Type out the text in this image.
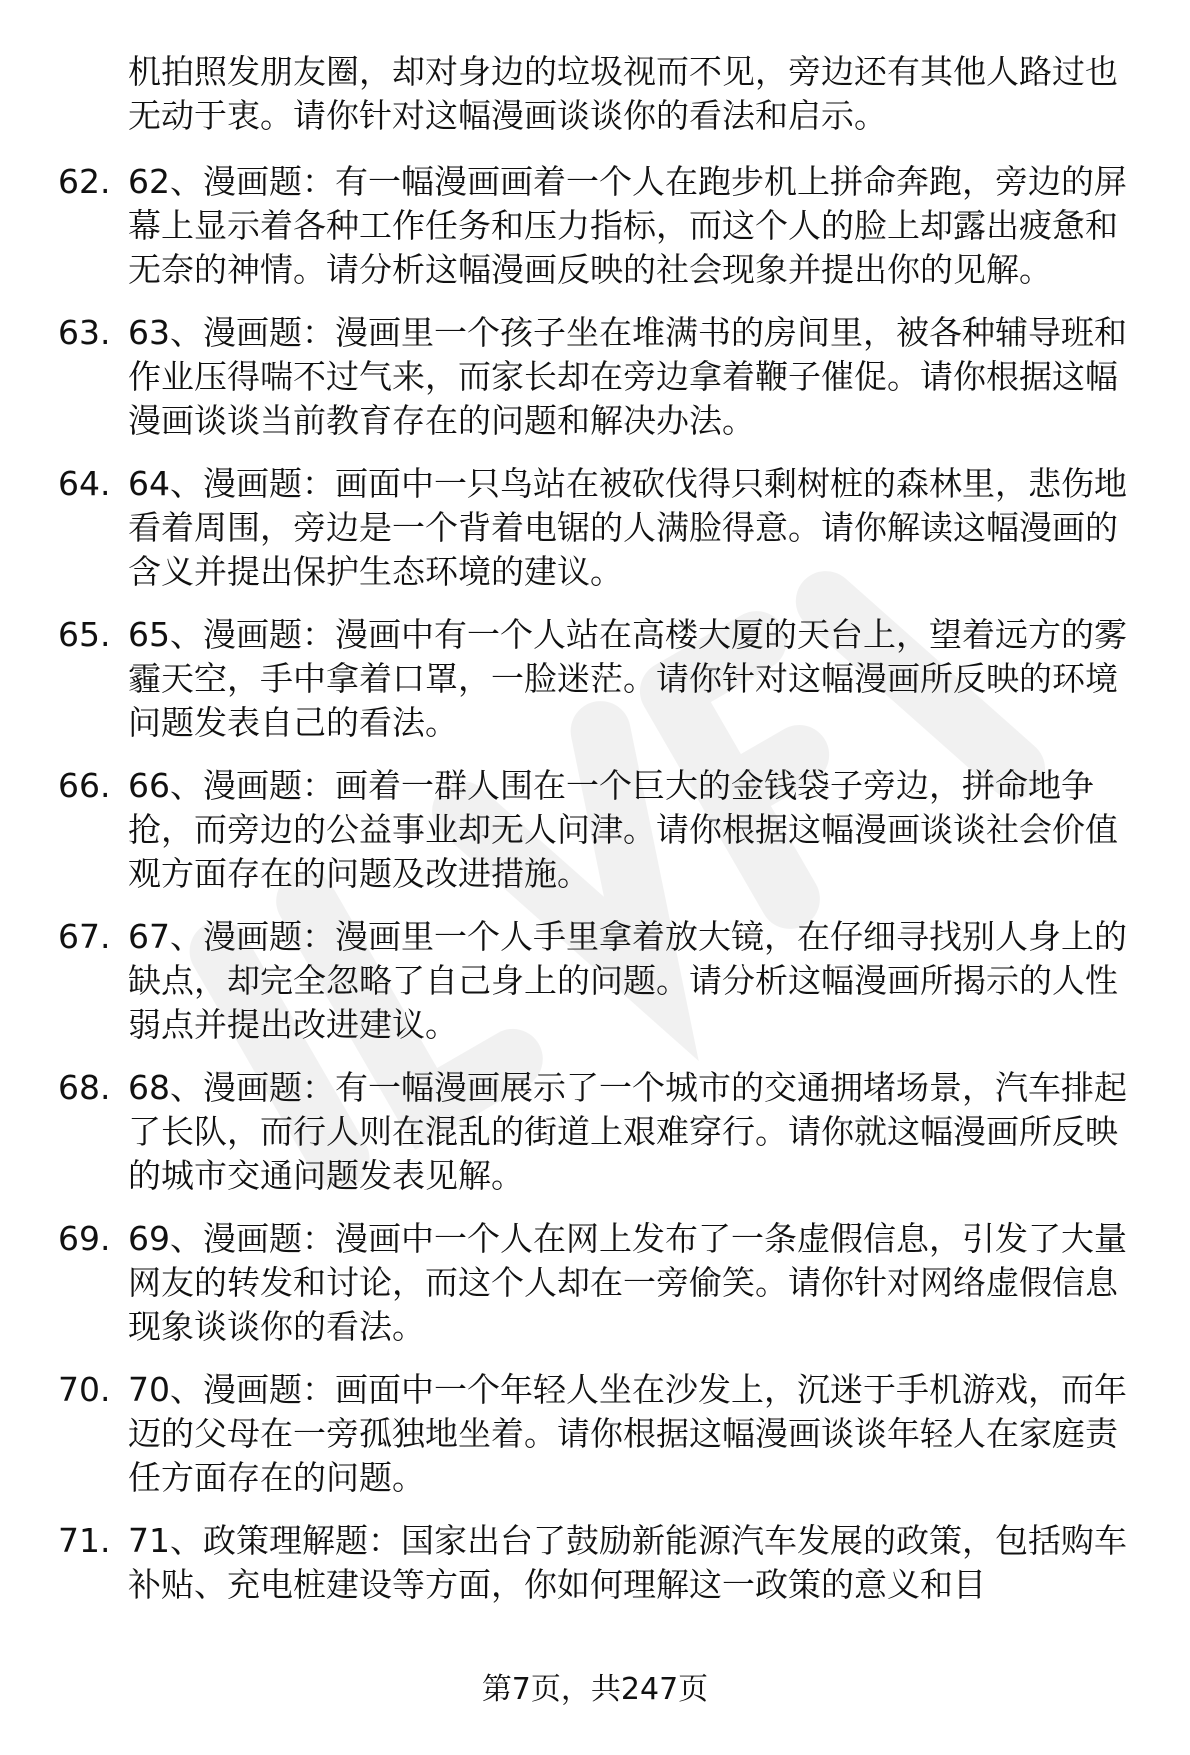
机拍照发朋友圈，却对身边的垃圾视而不见，旁边还有其他人路过也无动于衷。请你针对这幅漫画谈谈你的看法和启示。

62. 62、漫画题：有一幅漫画画着一个人在跑步机上拼命奔跑，旁边的屏幕上显示着各种工作任务和压力指标，而这个人的脸上却露出疲惫和无奈的神情。请分析这幅漫画反映的社会现象并提出你的见解。
63. 63、漫画题：漫画里一个孩子坐在堆满书的房间里，被各种辅导班和作业压得喘不过气来，而家长却在旁边拿着鞭子催促。请你根据这幅漫画谈谈当前教育存在的问题和解决办法。
64. 64、漫画题：画面中一只鸟站在被砍伐得只剩树桩的森林里，悲伤地看着周围，旁边是一个背着电锯的人满脸得意。请你解读这幅漫画的含义并提出保护生态环境的建议。
65. 65、漫画题：漫画中有一个人站在高楼大厦的天台上，望着远方的雾霾天空，手中拿着口罩，一脸迷茫。请你针对这幅漫画所反映的环境问题发表自己的看法。
66. 66、漫画题：画着一群人围在一个巨大的金钱袋子旁边，拼命地争抢，而旁边的公益事业却无人问津。请你根据这幅漫画谈谈社会价值观方面存在的问题及改进措施。
67. 67、漫画题：漫画里一个人手里拿着放大镜，在仔细寻找别人身上的缺点，却完全忽略了自己身上的问题。请分析这幅漫画所揭示的人性弱点并提出改进建议。
68. 68、漫画题：有一幅漫画展示了一个城市的交通拥堵场景，汽车排起了长队，而行人则在混乱的街道上艰难穿行。请你就这幅漫画所反映的城市交通问题发表见解。
69. 69、漫画题：漫画中一个人在网上发布了一条虚假信息，引发了大量网友的转发和讨论，而这个人却在一旁偷笑。请你针对网络虚假信息现象谈谈你的看法。
70. 70、漫画题：画面中一个年轻人坐在沙发上，沉迷于手机游戏，而年迈的父母在一旁孤独地坐着。请你根据这幅漫画谈谈年轻人在家庭责任方面存在的问题。
71. 71、政策理解题：国家出台了鼓励新能源汽车发展的政策，包括购车补贴、充电桩建设等方面，你如何理解这一政策的意义和目
第7页，共247页
